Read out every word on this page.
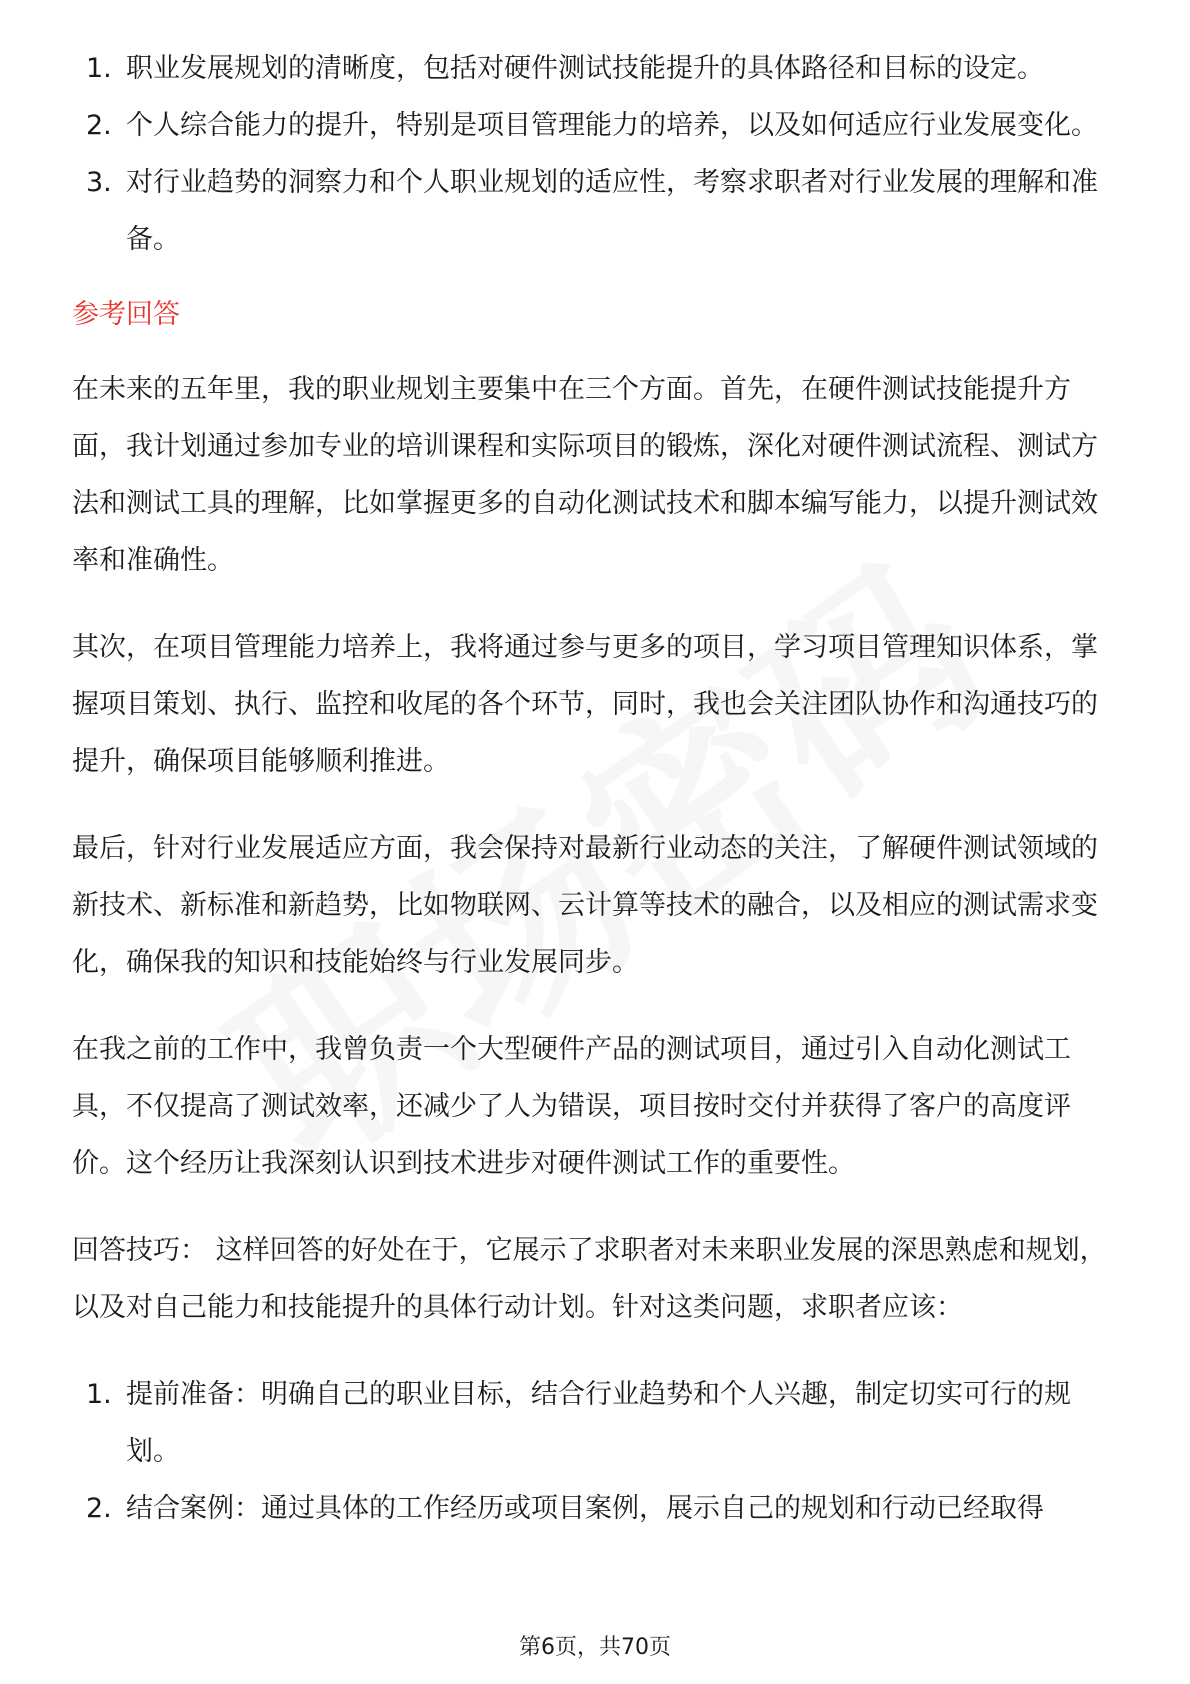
1. 职业发展规划的清晰度，包括对硬件测试技能提升的具体路径和目标的设定。
2. 个人综合能力的提升，特别是项目管理能力的培养，以及如何适应行业发展变化。
3. 对行业趋势的洞察力和个人职业规划的适应性，考察求职者对行业发展的理解和准备。
参考回答

在未来的五年里，我的职业规划主要集中在三个方面。首先，在硬件测试技能提升方面，我计划通过参加专业的培训课程和实际项目的锻炼，深化对硬件测试流程、测试方法和测试工具的理解，比如掌握更多的自动化测试技术和脚本编写能力，以提升测试效率和准确性。

其次，在项目管理能力培养上，我将通过参与更多的项目，学习项目管理知识体系，掌握项目策划、执行、监控和收尾的各个环节，同时，我也会关注团队协作和沟通技巧的提升，确保项目能够顺利推进。

最后，针对行业发展适应方面，我会保持对最新行业动态的关注，了解硬件测试领域的新技术、新标准和新趋势，比如物联网、云计算等技术的融合，以及相应的测试需求变化，确保我的知识和技能始终与行业发展同步。

在我之前的工作中，我曾负责一个大型硬件产品的测试项目，通过引入自动化测试工具，不仅提高了测试效率，还减少了人为错误，项目按时交付并获得了客户的高度评价。这个经历让我深刻认识到技术进步对硬件测试工作的重要性。

回答技巧： 这样回答的好处在于，它展示了求职者对未来职业发展的深思熟虑和规划，以及对自己能力和技能提升的具体行动计划。针对这类问题，求职者应该：

1. 提前准备：明确自己的职业目标，结合行业趋势和个人兴趣，制定切实可行的规划。
2. 结合案例：通过具体的工作经历或项目案例，展示自己的规划和行动已经取得
第6页，共70页
